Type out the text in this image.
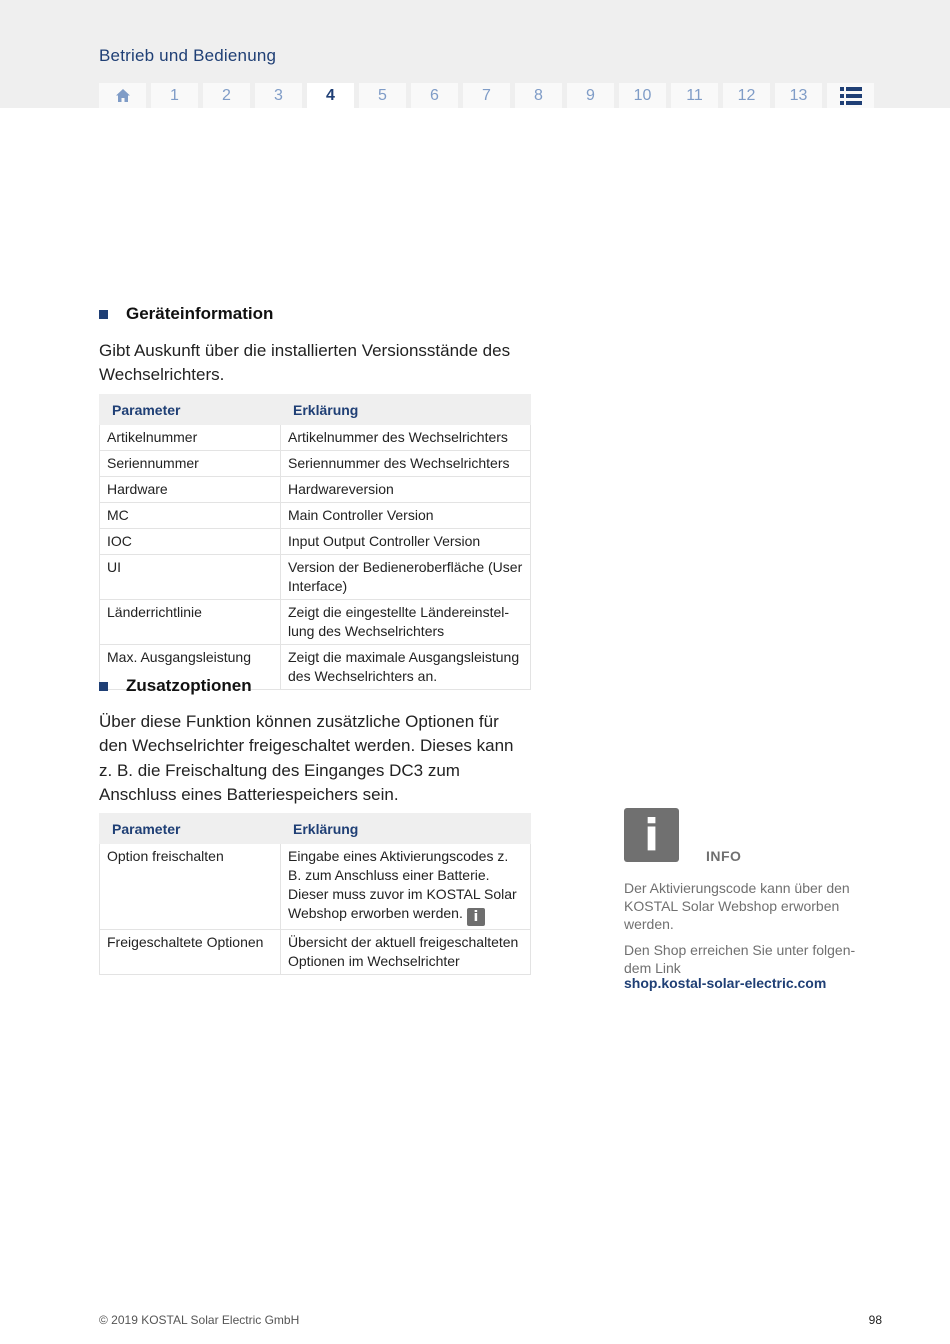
Betrieb und Bedienung
1	2	3	4	5	6	7	8	9	10	11	12	13
Geräteinformation
Gibt Auskunft über die installierten Versionsstände des Wechselrichters.
Parameter	Erklärung
Artikelnummer	Artikelnummer des Wechselrichters
Seriennummer	Seriennummer des Wechselrichters
Hardware	Hardwareversion
MC	Main Controller Version
IOC	Input Output Controller Version
UI	Version der Bedieneroberfläche (User Interface)
Länderrichtlinie	Zeigt die eingestellte Ländereinstellung des Wechselrichters
Max. Ausgangsleistung	Zeigt die maximale Ausgangsleistung des Wechselrichters an.
Zusatzoptionen
Über diese Funktion können zusätzliche Optionen für den Wechselrichter freigeschaltet werden. Dieses kann z. B. die Freischaltung des Einganges DC3 zum Anschluss eines Batteriespeichers sein.
Parameter	Erklärung
Option freischalten	Eingabe eines Aktivierungscodes z. B. zum Anschluss einer Batterie. Dieser muss zuvor im KOSTAL Solar Webshop erworben werden. i
Freigeschaltete Optionen	Übersicht der aktuell freigeschalteten Optionen im Wechselrichter
i	INFO
Der Aktivierungscode kann über den KOSTAL Solar Webshop erworben werden.
Den Shop erreichen Sie unter folgendem Link
shop.kostal-solar-electric.com
© 2019 KOSTAL Solar Electric GmbH	98
